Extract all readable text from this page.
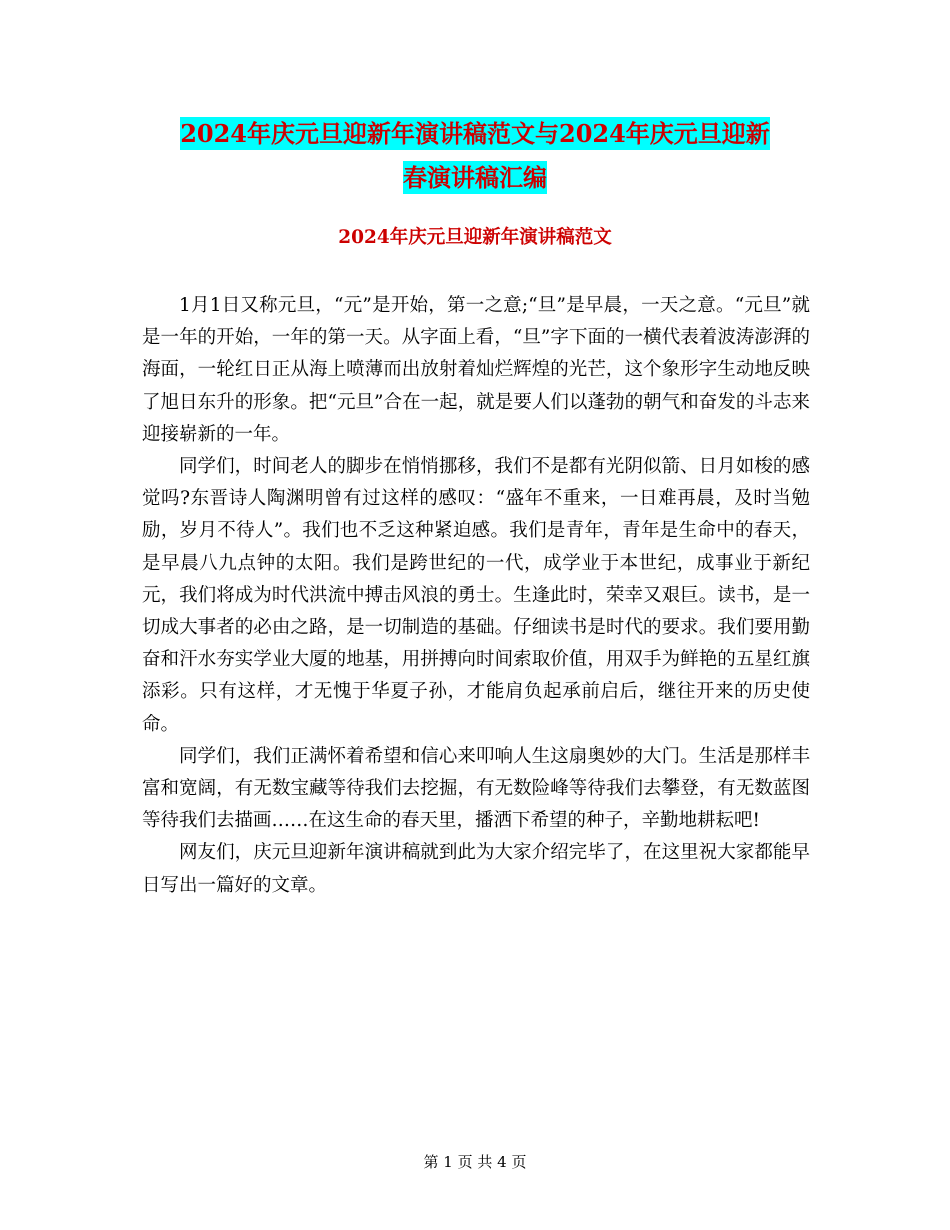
2024年庆元旦迎新年演讲稿范文与2024年庆元旦迎新
春演讲稿汇编
2024年庆元旦迎新年演讲稿范文

1月1日又称元旦，“元”是开始，第一之意;“旦”是早晨，一天之意。“元旦”就是一年的开始，一年的第一天。从字面上看，“旦”字下面的一横代表着波涛澎湃的海面，一轮红日正从海上喷薄而出放射着灿烂辉煌的光芒，这个象形字生动地反映了旭日东升的形象。把“元旦”合在一起，就是要人们以蓬勃的朝气和奋发的斗志来迎接崭新的一年。

同学们，时间老人的脚步在悄悄挪移，我们不是都有光阴似箭、日月如梭的感觉吗?东晋诗人陶渊明曾有过这样的感叹：“盛年不重来，一日难再晨，及时当勉励，岁月不待人”。我们也不乏这种紧迫感。我们是青年，青年是生命中的春天，是早晨八九点钟的太阳。我们是跨世纪的一代，成学业于本世纪，成事业于新纪元，我们将成为时代洪流中搏击风浪的勇士。生逢此时，荣幸又艰巨。读书，是一切成大事者的必由之路，是一切制造的基础。仔细读书是时代的要求。我们要用勤奋和汗水夯实学业大厦的地基，用拼搏向时间索取价值，用双手为鲜艳的五星红旗添彩。只有这样，才无愧于华夏子孙，才能肩负起承前启后，继往开来的历史使命。

同学们，我们正满怀着希望和信心来叩响人生这扇奥妙的大门。生活是那样丰富和宽阔，有无数宝藏等待我们去挖掘，有无数险峰等待我们去攀登，有无数蓝图等待我们去描画……在这生命的春天里，播洒下希望的种子，辛勤地耕耘吧!

网友们，庆元旦迎新年演讲稿就到此为大家介绍完毕了，在这里祝大家都能早日写出一篇好的文章。

第 1 页 共 4 页
